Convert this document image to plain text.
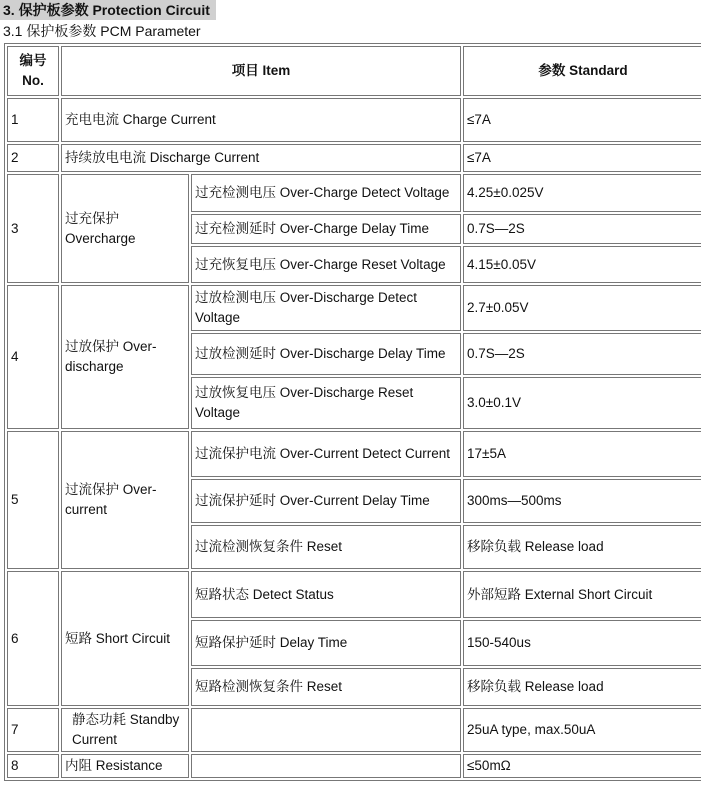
3. 保护板参数 Protection Circuit
3.1 保护板参数 PCM Parameter
编号 No.	项目 Item		参数 Standard
1	充电电流 Charge Current		≤7A
2	持续放电电流 Discharge Current		≤7A
3	过充保护 Overcharge	过充检测电压 Over-Charge Detect Voltage	4.25±0.025V
		过充检测延时 Over-Charge Delay Time	0.7S—2S
		过充恢复电压 Over-Charge Reset Voltage	4.15±0.05V
4	过放保护 Over-discharge	过放检测电压 Over-Discharge Detect Voltage	2.7±0.05V
		过放检测延时 Over-Discharge Delay Time	0.7S—2S
		过放恢复电压 Over-Discharge Reset Voltage	3.0±0.1V
5	过流保护 Over-current	过流保护电流 Over-Current Detect Current	17±5A
		过流保护延时 Over-Current Delay Time	300ms—500ms
		过流检测恢复条件 Reset	移除负载 Release load
6	短路 Short Circuit	短路状态 Detect Status	外部短路 External Short Circuit
		短路保护延时 Delay Time	150-540us
		短路检测恢复条件 Reset	移除负载 Release load
7	静态功耗 Standby Current		25uA type, max.50uA
8	内阻 Resistance		≤50mΩ
